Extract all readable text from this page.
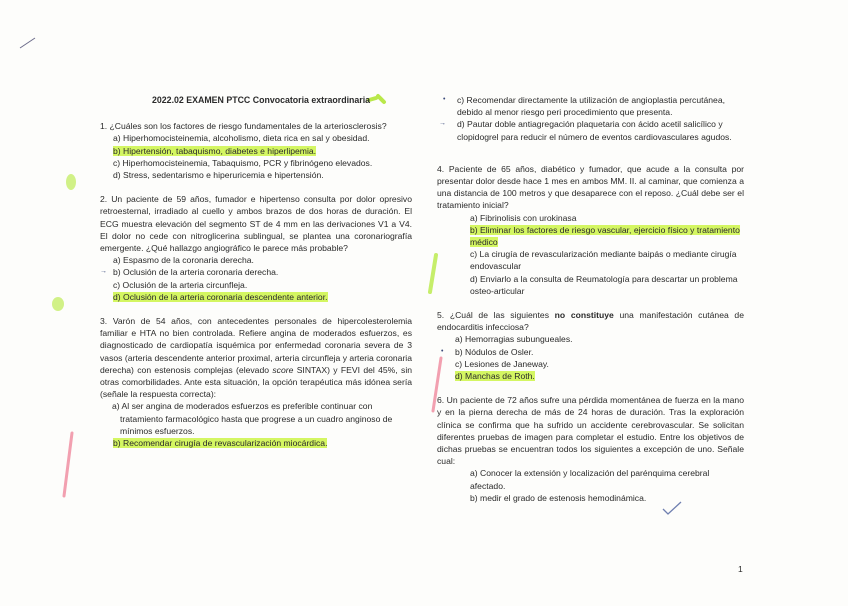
2022.02 EXAMEN PTCC Convocatoria extraordinaria
1. ¿Cuáles son los factores de riesgo fundamentales de la arteriosclerosis?
a) Hiperhomocisteinemia, alcoholismo, dieta rica en sal y obesidad.
b) Hipertensión, tabaquismo, diabetes e hiperlipemia.
c) Hiperhomocisteinemia, Tabaquismo, PCR y fibrinógeno elevados.
d) Stress, sedentarismo e hiperuricemia e hipertensión.
2. Un paciente de 59 años, fumador e hipertenso consulta por dolor opresivo retroesternal, irradiado al cuello y ambos brazos de dos horas de duración. El ECG muestra elevación del segmento ST de 4 mm en las derivaciones V1 a V4. El dolor no cede con nitroglicerina sublingual, se plantea una coronariografía emergente. ¿Qué hallazgo angiográfico le parece más probable?
a) Espasmo de la coronaria derecha.
→ b) Oclusión de la arteria coronaria derecha.
c) Oclusión de la arteria circunfleja.
d) Oclusión de la arteria coronaria descendente anterior.
3. Varón de 54 años, con antecedentes personales de hipercolesterolemia familiar e HTA no bien controlada. Refiere angina de moderados esfuerzos, es diagnosticado de cardiopatía isquémica por enfermedad coronaria severa de 3 vasos (arteria descendente anterior proximal, arteria circunfleja y arteria coronaria derecha) con estenosis complejas (elevado score SINTAX) y FEVI del 45%, sin otras comorbilidades. Ante esta situación, la opción terapéutica más idónea sería (señale la respuesta correcta):
a) Al ser angina de moderados esfuerzos es preferible continuar con tratamiento farmacológico hasta que progrese a un cuadro anginoso de mínimos esfuerzos.
b) Recomendar cirugía de revascularización miocárdica.
• c) Recomendar directamente la utilización de angioplastia percutánea, debido al menor riesgo peri procedimiento que presenta.
→ d) Pautar doble antiagregación plaquetaria con ácido acetil salicílico y clopidogrel para reducir el número de eventos cardiovasculares agudos.
4. Paciente de 65 años, diabético y fumador, que acude a la consulta por presentar dolor desde hace 1 mes en ambos MM. II. al caminar, que comienza a una distancia de 100 metros y que desaparece con el reposo. ¿Cuál debe ser el tratamiento inicial?
a) Fibrinolisis con urokinasa
b) Eliminar los factores de riesgo vascular, ejercicio físico y tratamiento médico
c) La cirugía de revascularización mediante baipás o mediante cirugía endovascular
d) Enviarlo a la consulta de Reumatología para descartar un problema osteo-articular
5. ¿Cuál de las siguientes no constituye una manifestación cutánea de endocarditis infecciosa?
a) Hemorragias subungueales.
• b) Nódulos de Osler.
c) Lesiones de Janeway.
d) Manchas de Roth.
6. Un paciente de 72 años sufre una pérdida momentánea de fuerza en la mano y en la pierna derecha de más de 24 horas de duración. Tras la exploración clínica se confirma que ha sufrido un accidente cerebrovascular. Se solicitan diferentes pruebas de imagen para completar el estudio. Entre los objetivos de dichas pruebas se encuentran todos los siguientes a excepción de uno. Señale cual:
a) Conocer la extensión y localización del parénquima cerebral afectado.
b) medir el grado de estenosis hemodinámica.
1
